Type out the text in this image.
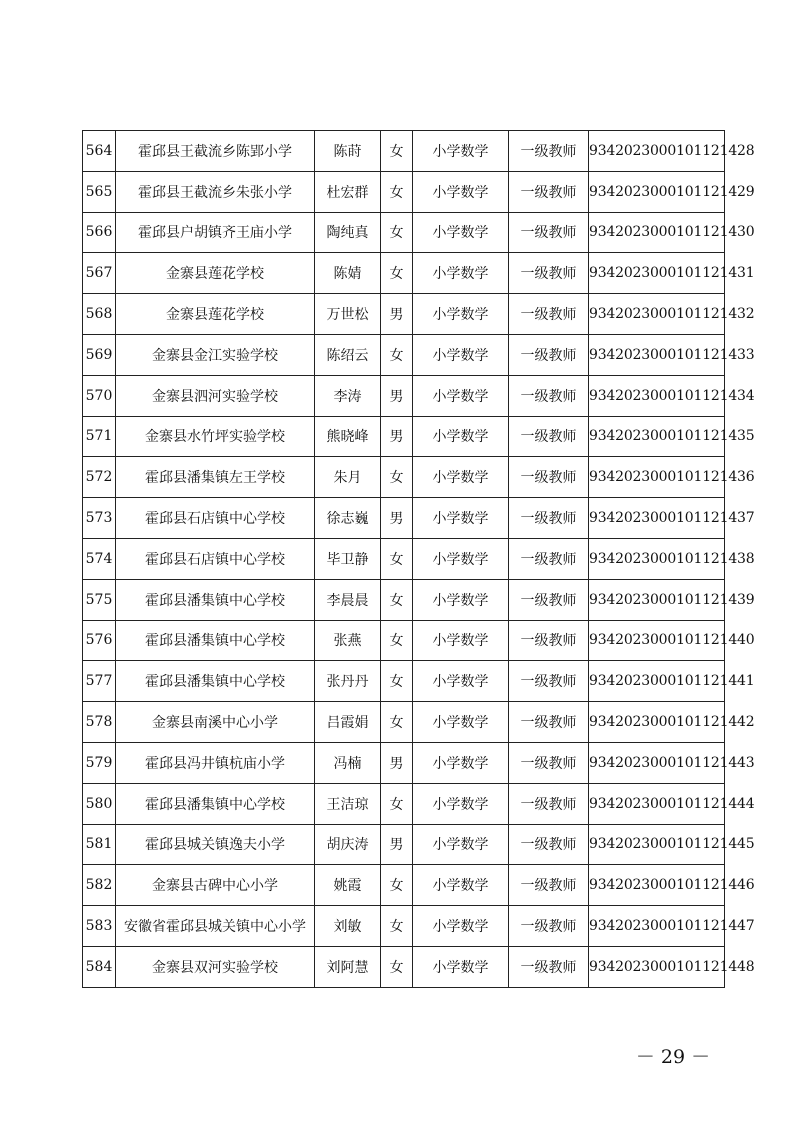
564	霍邱县王截流乡陈郢小学	陈莳	女	小学数学	一级教师	9342023000101121428
565	霍邱县王截流乡朱张小学	杜宏群	女	小学数学	一级教师	9342023000101121429
566	霍邱县户胡镇齐王庙小学	陶纯真	女	小学数学	一级教师	9342023000101121430
567	金寨县莲花学校	陈婧	女	小学数学	一级教师	9342023000101121431
568	金寨县莲花学校	万世松	男	小学数学	一级教师	9342023000101121432
569	金寨县金江实验学校	陈绍云	女	小学数学	一级教师	9342023000101121433
570	金寨县泗河实验学校	李涛	男	小学数学	一级教师	9342023000101121434
571	金寨县水竹坪实验学校	熊晓峰	男	小学数学	一级教师	9342023000101121435
572	霍邱县潘集镇左王学校	朱月	女	小学数学	一级教师	9342023000101121436
573	霍邱县石店镇中心学校	徐志巍	男	小学数学	一级教师	9342023000101121437
574	霍邱县石店镇中心学校	毕卫静	女	小学数学	一级教师	9342023000101121438
575	霍邱县潘集镇中心学校	李晨晨	女	小学数学	一级教师	9342023000101121439
576	霍邱县潘集镇中心学校	张燕	女	小学数学	一级教师	9342023000101121440
577	霍邱县潘集镇中心学校	张丹丹	女	小学数学	一级教师	9342023000101121441
578	金寨县南溪中心小学	吕霞娟	女	小学数学	一级教师	9342023000101121442
579	霍邱县冯井镇杭庙小学	冯楠	男	小学数学	一级教师	9342023000101121443
580	霍邱县潘集镇中心学校	王洁琼	女	小学数学	一级教师	9342023000101121444
581	霍邱县城关镇逸夫小学	胡庆涛	男	小学数学	一级教师	9342023000101121445
582	金寨县古碑中心小学	姚霞	女	小学数学	一级教师	9342023000101121446
583	安徽省霍邱县城关镇中心小学	刘敏	女	小学数学	一级教师	9342023000101121447
584	金寨县双河实验学校	刘阿慧	女	小学数学	一级教师	9342023000101121448
－ 29 －
